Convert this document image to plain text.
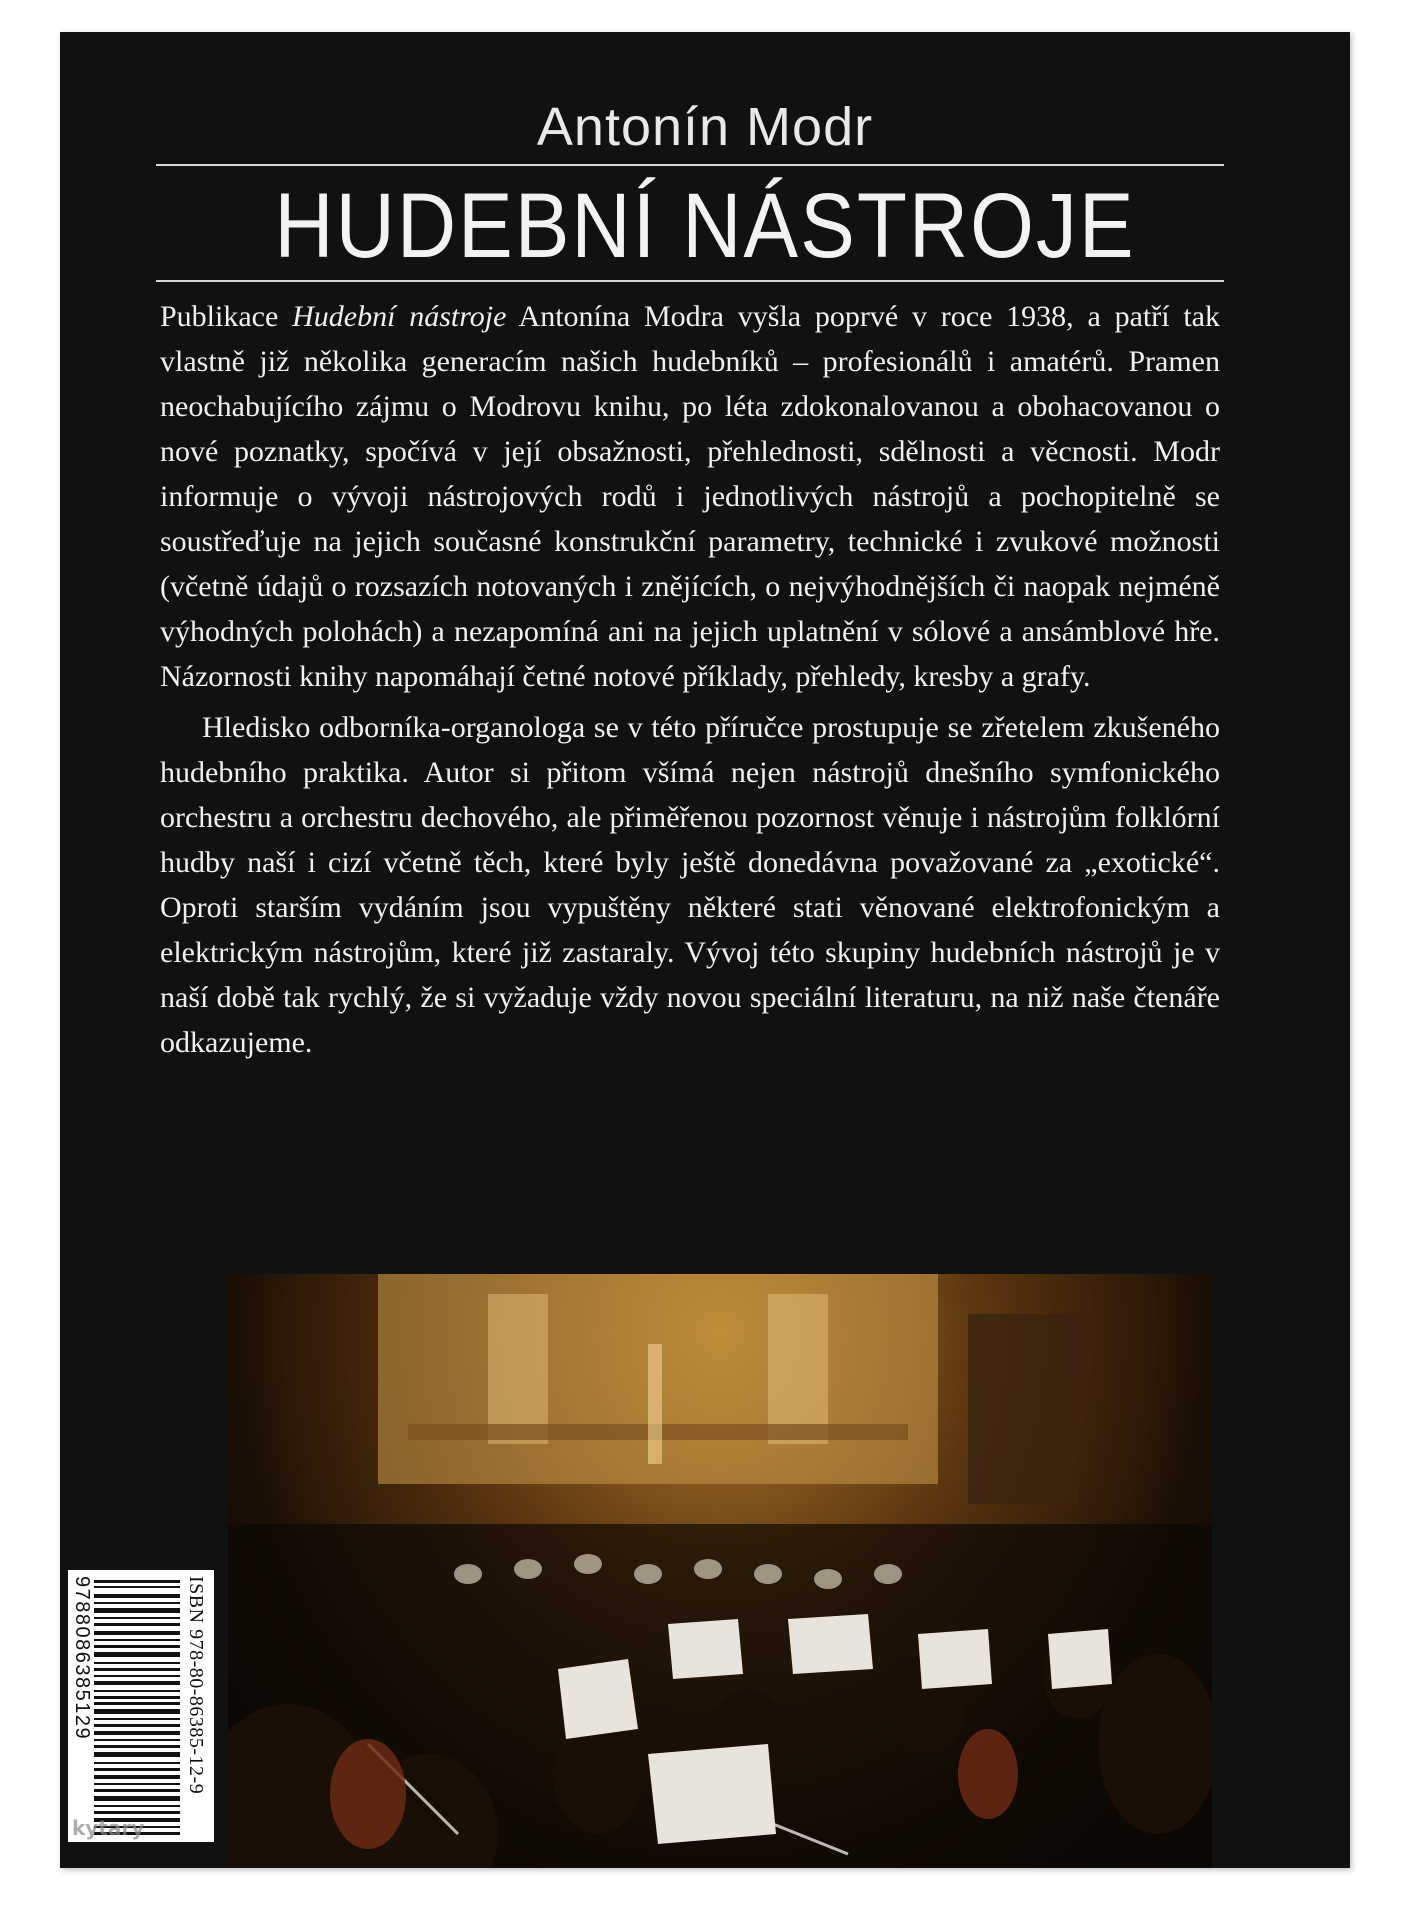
Antonín Modr
HUDEBNÍ NÁSTROJE

Publikace Hudební nástroje Antonína Modra vyšla poprvé v roce 1938, a patří tak vlastně již několika generacím našich hudebníků – profesionálů i amatérů. Pramen neochabujícího zájmu o Modrovu knihu, po léta zdokonalovanou a obohacovanou o nové poznatky, spočívá v její obsažnosti, přehlednosti, sdělnosti a věcnosti. Modr informuje o vývoji nástrojových rodů i jednotlivých nástrojů a pochopitelně se soustřeďuje na jejich současné konstrukční parametry, technické i zvukové možnosti (včetně údajů o rozsazích notovaných i znějících, o nejvýhodnějších či naopak nejméně výhodných polohách) a nezapomíná ani na jejich uplatnění v sólové a ansámblové hře. Názornosti knihy napomáhají četné notové příklady, přehledy, kresby a grafy.

Hledisko odborníka-organologa se v této příručce prostupuje se zřetelem zkušeného hudebního praktika. Autor si přitom všímá nejen nástrojů dnešního symfonického orchestru a orchestru dechového, ale přiměřenou pozornost věnuje i nástrojům folklórní hudby naší i cizí včetně těch, které byly ještě donedávna považované za „exotické“. Oproti starším vydáním jsou vypuštěny některé stati věnované elektrofonickým a elektrickým nástrojům, které již zastaraly. Vývoj této skupiny hudebních nástrojů je v naší době tak rychlý, že si vyžaduje vždy novou speciální literaturu, na niž naše čtenáře odkazujeme.

9788086385129	ISBN 978-80-86385-12-9
kytary
